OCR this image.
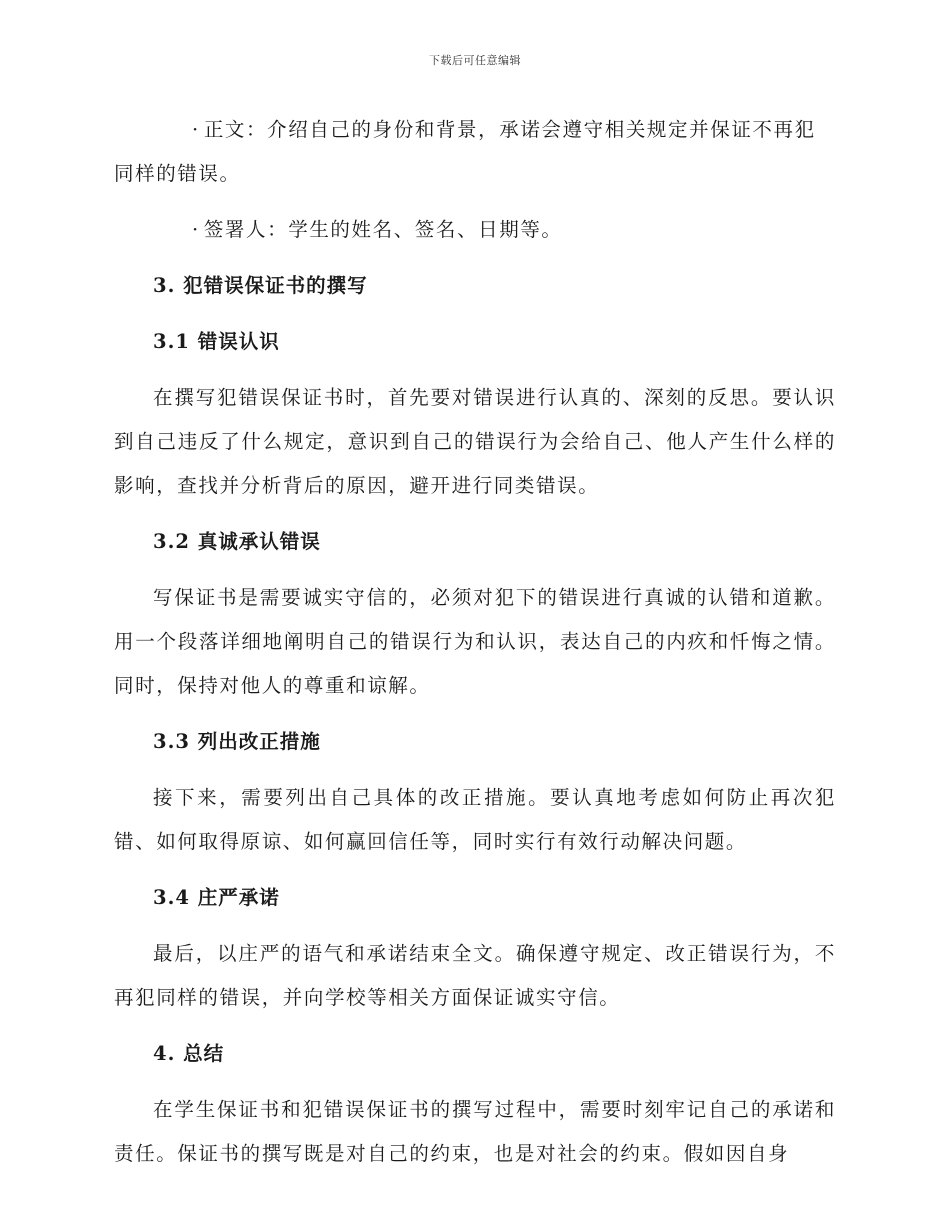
下载后可任意编辑

· 正文：介绍自己的身份和背景，承诺会遵守相关规定并保证不再犯同样的错误。

· 签署人：学生的姓名、签名、日期等。

3. 犯错误保证书的撰写
3.1 错误认识

在撰写犯错误保证书时，首先要对错误进行认真的、深刻的反思。要认识到自己违反了什么规定，意识到自己的错误行为会给自己、他人产生什么样的影响，查找并分析背后的原因，避开进行同类错误。

3.2 真诚承认错误

写保证书是需要诚实守信的，必须对犯下的错误进行真诚的认错和道歉。用一个段落详细地阐明自己的错误行为和认识，表达自己的内疚和忏悔之情。同时，保持对他人的尊重和谅解。

3.3 列出改正措施

接下来，需要列出自己具体的改正措施。要认真地考虑如何防止再次犯错、如何取得原谅、如何赢回信任等，同时实行有效行动解决问题。

3.4 庄严承诺

最后，以庄严的语气和承诺结束全文。确保遵守规定、改正错误行为，不再犯同样的错误，并向学校等相关方面保证诚实守信。

4. 总结

在学生保证书和犯错误保证书的撰写过程中，需要时刻牢记自己的承诺和责任。保证书的撰写既是对自己的约束，也是对社会的约束。假如因自身
